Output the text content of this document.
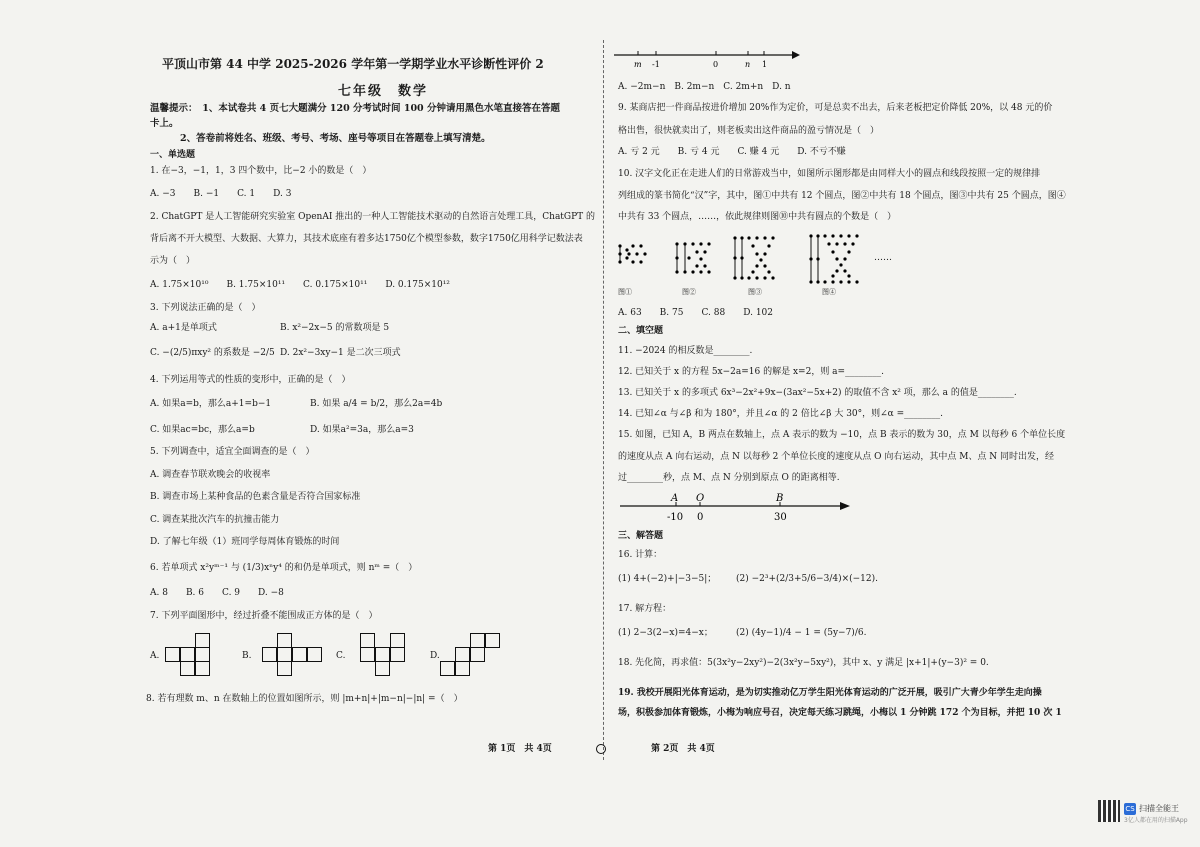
平顶山市第 44 中学 2025-2026 学年第一学期学业水平诊断性评价 2
七年级　数学
温馨提示：　1、本试卷共 4 页七大题满分 120 分考试时间 100 分钟请用黑色水笔直接答在答题
卡上。
2、答卷前将姓名、班级、考号、考场、座号等项目在答题卷上填写清楚。
一、单选题
1. 在−3，−1，1，3 四个数中，比−2 小的数是（　）
A. −3　　B. −1　　C. 1　　D. 3
2. ChatGPT 是人工智能研究实验室 OpenAI 推出的一种人工智能技术驱动的自然语言处理工具，ChatGPT 的
背后离不开大模型、大数据、大算力，其技术底座有着多达1750亿个模型参数，数字1750亿用科学记数法表
示为（　）
A. 1.75×10¹⁰　　B. 1.75×10¹¹　　C. 0.175×10¹¹　　D. 0.175×10¹²
3. 下列说法正确的是（　）
A. a+1是单项式	B. x²−2x−5 的常数项是 5
C. −(2/5)πxy² 的系数是 −2/5 D. 2x²−3xy−1 是二次三项式
4. 下列运用等式的性质的变形中，正确的是（　）
A. 如果a=b，那么a+1=b−1	B. 如果 a/4 = b/2，那么2a=4b
C. 如果ac=bc，那么a=b	D. 如果a²=3a，那么a=3
5. 下列调查中，适宜全面调查的是（　）
A. 调查春节联欢晚会的收视率
B. 调查市场上某种食品的色素含量是否符合国家标准
C. 调查某批次汽车的抗撞击能力
D. 了解七年级（1）班同学每周体育锻炼的时间
6. 若单项式 x²yᵐ⁻¹ 与 (1/3)xⁿy⁴ 的和仍是单项式，则 nᵐ =（　）
A. 8　　B. 6　　C. 9　　D. −8
7. 下列平面图形中，经过折叠不能围成正方体的是（　）
A.	B.	C.	D.
8. 若有理数 m、n 在数轴上的位置如图所示，则 |m+n|+|m−n|−|n| =（　）
m -1	0	n 1
A. −2m−n　B. 2m−n　C. 2m+n　D. n
9. 某商店把一件商品按进价增加 20%作为定价，可是总卖不出去，后来老板把定价降低 20%，以 48 元的价
格出售，很快就卖出了，则老板卖出这件商品的盈亏情况是（　）
A. 亏 2 元　　B. 亏 4 元　　C. 赚 4 元　　D. 不亏不赚
10. 汉字文化正在走进人们的日常游戏当中，如图所示图形都是由同样大小的圆点和线段按照一定的规律排
列组成的篆书简化“汉”字，其中，图①中共有 12 个圆点，图②中共有 18 个圆点，图③中共有 25 个圆点，图④
中共有 33 个圆点，……，依此规律则图⑩中共有圆点的个数是（　）
图①	图②	图③	图④
……
A. 63　　B. 75　　C. 88　　D. 102
二、填空题
11. −2024 的相反数是________.
12. 已知关于 x 的方程 5x−2a=16 的解是 x=2，则 a=________.
13. 已知关于 x 的多项式 6x³−2x²+9x−(3ax²−5x+2) 的取值不含 x² 项，那么 a 的值是________.
14. 已知∠α 与∠β 和为 180°，并且∠α 的 2 倍比∠β 大 30°，则∠α =________.
15. 如图，已知 A，B 两点在数轴上，点 A 表示的数为 −10，点 B 表示的数为 30，点 M 以每秒 6 个单位长度
的速度从点 A 向右运动，点 N 以每秒 2 个单位长度的速度从点 O 向右运动，其中点 M、点 N 同时出发，经
过________秒，点 M、点 N 分别到原点 O 的距离相等.
三、解答题
16. 计算：
(1) 4+(−2)+|−3−5|； (2) −2³+(2/3+5/6−3/4)×(−12).
17. 解方程：
(1) 2−3(2−x)=4−x；	(2) (4y−1)/4 − 1 = (5y−7)/6.
18. 先化简，再求值：5(3x²y−2xy²)−2(3x²y−5xy²)，其中 x、y 满足 |x+1|+(y−3)² = 0.
19. 我校开展阳光体育运动，是为切实推动亿万学生阳光体育运动的广泛开展，吸引广大青少年学生走向操
场，积极参加体育锻炼，小梅为响应号召，决定每天练习跳绳，小梅以 1 分钟跳 172 个为目标，并把 10 次 1
A O	B
-10 0	30
第 1页　共 4页	第 2页　共 4页
CS 扫描全能王
3亿人都在用的扫描App
